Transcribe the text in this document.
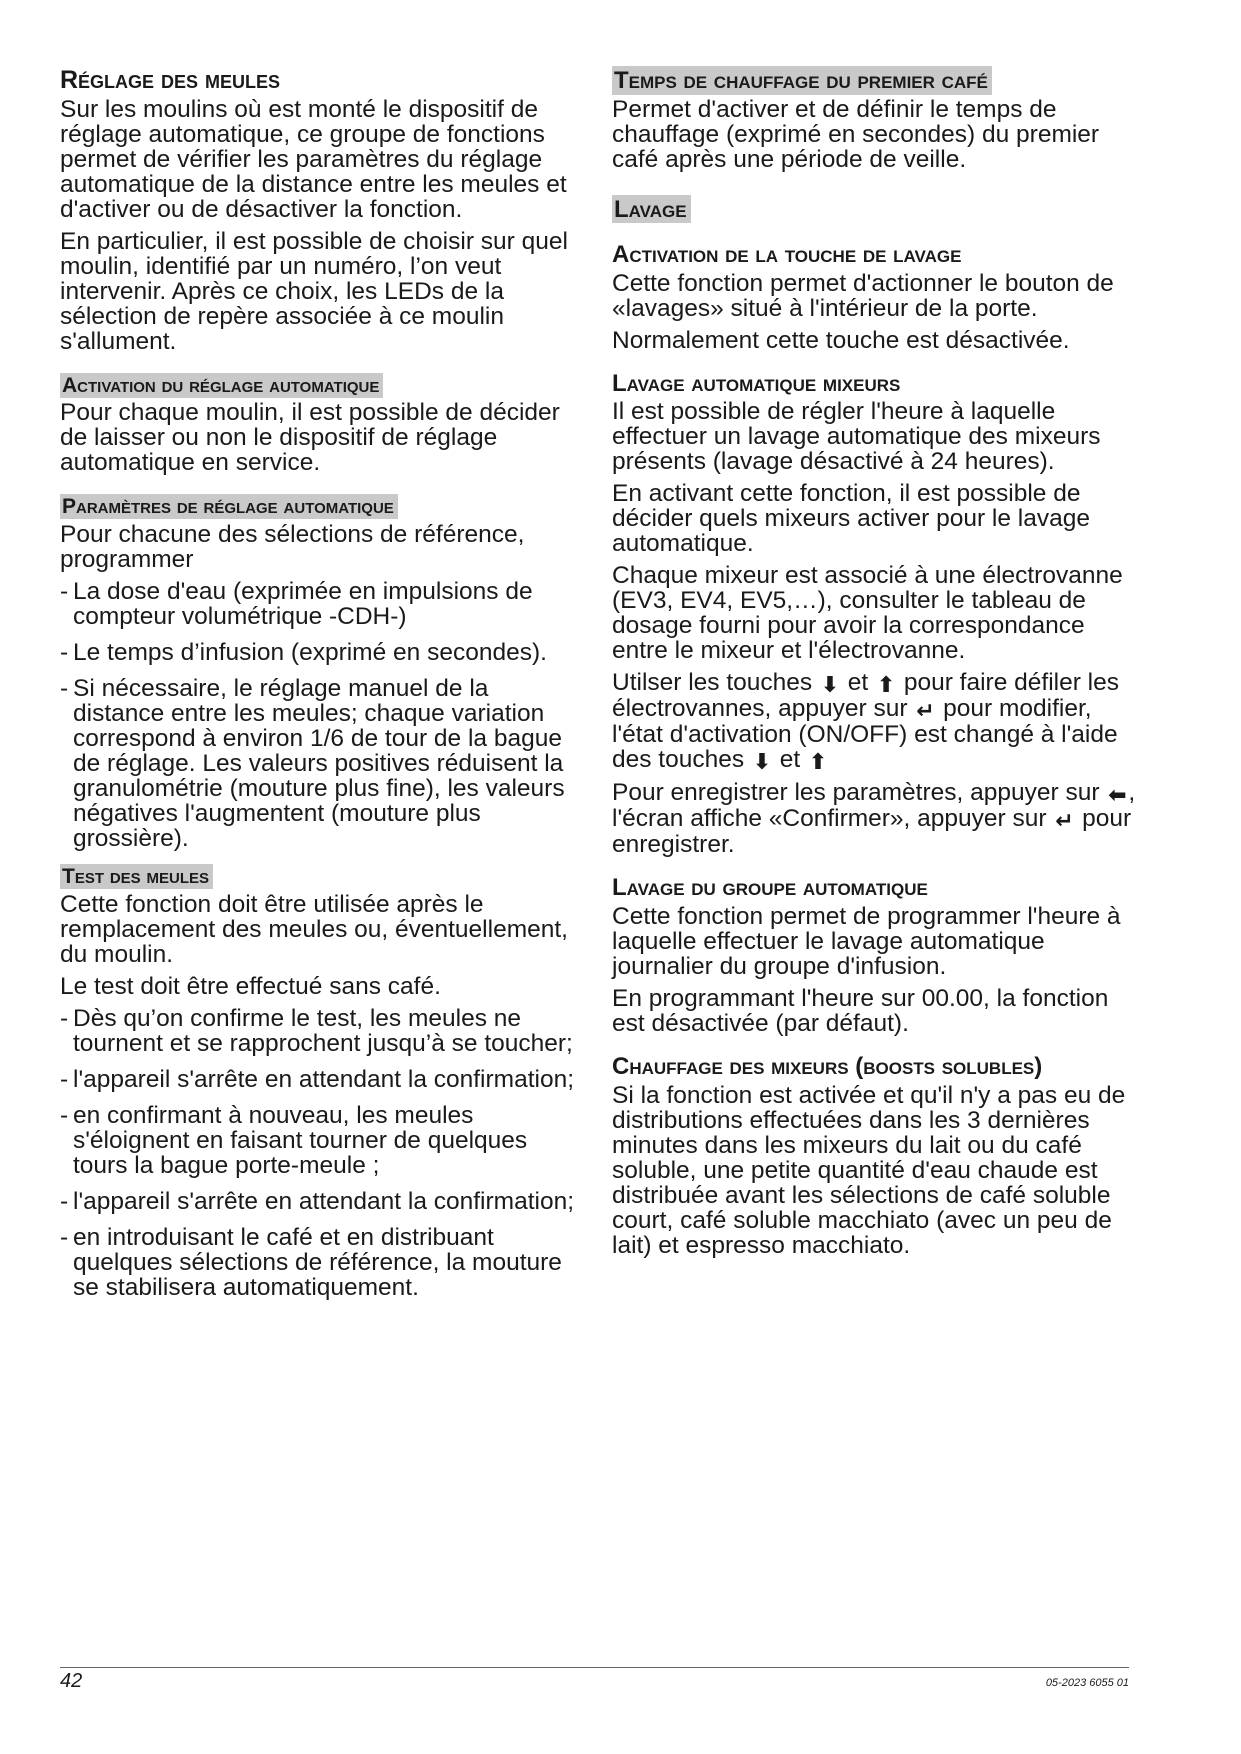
Réglage des meules

Sur les moulins où est monté le dispositif de réglage automatique, ce groupe de fonctions permet de vérifier les paramètres du réglage automatique de la distance entre les meules et d'activer ou de désactiver la fonction.

En particulier, il est possible de choisir sur quel moulin, identifié par un numéro, l’on veut intervenir. Après ce choix, les LEDs de la sélection de repère associée à ce moulin s'allument.

Activation du réglage automatique

Pour chaque moulin, il est possible de décider de laisser ou non le dispositif de réglage automatique en service.

Paramètres de réglage automatique

Pour chacune des sélections de référence, programmer

- La dose d'eau (exprimée en impulsions de compteur volumétrique -CDH-)
- Le temps d’infusion (exprimé en secondes).
- Si nécessaire, le réglage manuel de la distance entre les meules; chaque variation correspond à environ 1/6 de tour de la bague de réglage. Les valeurs positives réduisent la granulométrie (mouture plus fine), les valeurs négatives l'augmentent (mouture plus grossière).
Test des meules

Cette fonction doit être utilisée après le remplacement des meules ou, éventuellement, du moulin.

Le test doit être effectué sans café.

- Dès qu’on confirme le test, les meules ne tournent et se rapprochent jusqu’à se toucher;
- l'appareil s'arrête en attendant la confirmation;
- en confirmant à nouveau, les meules s'éloignent en faisant tourner de quelques tours la bague porte-meule ;
- l'appareil s'arrête en attendant la confirmation;
- en introduisant le café et en distribuant quelques sélections de référence, la mouture se stabilisera automatiquement.
Temps de chauffage du premier café

Permet d'activer et de définir le temps de chauffage (exprimé en secondes) du premier café après une période de veille.

Lavage
Activation de la touche de lavage

Cette fonction permet d'actionner le bouton de «lavages» situé à l'intérieur de la porte.

Normalement cette touche est désactivée.

Lavage automatique mixeurs

Il est possible de régler l'heure à laquelle effectuer un lavage automatique des mixeurs présents (lavage désactivé à 24 heures).

En activant cette fonction, il est possible de décider quels mixeurs activer pour le lavage automatique.

Chaque mixeur est associé à une électrovanne (EV3, EV4, EV5,…), consulter le tableau de dosage fourni pour avoir la correspondance entre le mixeur et l'électrovanne.

Utilser les touches ⬇ et ⬆ pour faire défiler les électrovannes, appuyer sur ↵ pour modifier, l'état d'activation (ON/OFF) est changé à l'aide des touches ⬇ et ⬆

Pour enregistrer les paramètres, appuyer sur ⬅, l'écran affiche «Confirmer», appuyer sur ↵ pour enregistrer.

Lavage du groupe automatique

Cette fonction permet de programmer l'heure à laquelle effectuer le lavage automatique journalier du groupe d'infusion.

En programmant l'heure sur 00.00, la fonction est désactivée (par défaut).

Chauffage des mixeurs (boosts solubles)

Si la fonction est activée et qu'il n'y a pas eu de distributions effectuées dans les 3 dernières minutes dans les mixeurs du lait ou du café soluble, une petite quantité d'eau chaude est distribuée avant les sélections de café soluble court, café soluble macchiato (avec un peu de lait) et espresso macchiato.

42	05-2023 6055 01
